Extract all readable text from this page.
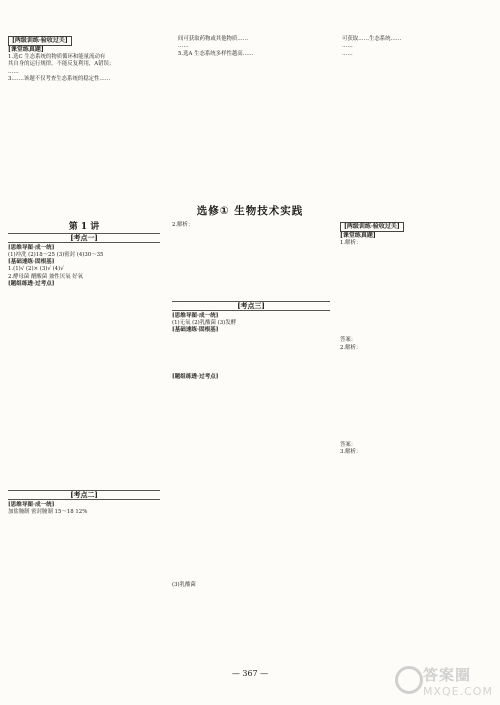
[两级训练·验收过关]
[课堂练真题]

1.选C 生态系统的物质循环和能量流动有

其自身的运行规律，不能反复利用，A错误；

……

3.……该题不仅考查生态系统的稳定性……

间可获取药物或其他物质……

……

5.选A 生态系统多样性越高……

可获取……生态系统……

……

……

选修① 生物技术实践
第 1 讲
[考点一]
[思维导图·成一统]

(1)冲洗 (2)18～25 (3)密封 (4)30～35

[基础速练·固根基]

1.(1)√ (2)× (3)√ (4)√

2.酵母菌 醋酸菌 兼性厌氧 好氧

[题组练透·过考点]
[考点二]
[思维导图·成一统]

加盐腌制 密封腌制 15～18 12%

2.解析：

[考点三]
[思维导图·成一统]

(1)无氧 (2)乳酸菌 (3)发酵

[基础速练·固根基]
[题组练透·过考点]

(3)乳酸菌

[两级训练·验收过关]
[课堂练真题]

1.解析：

答案：

2.解析：

答案：

3.解析：

— 367 —	答案圈
MXQE.COM
